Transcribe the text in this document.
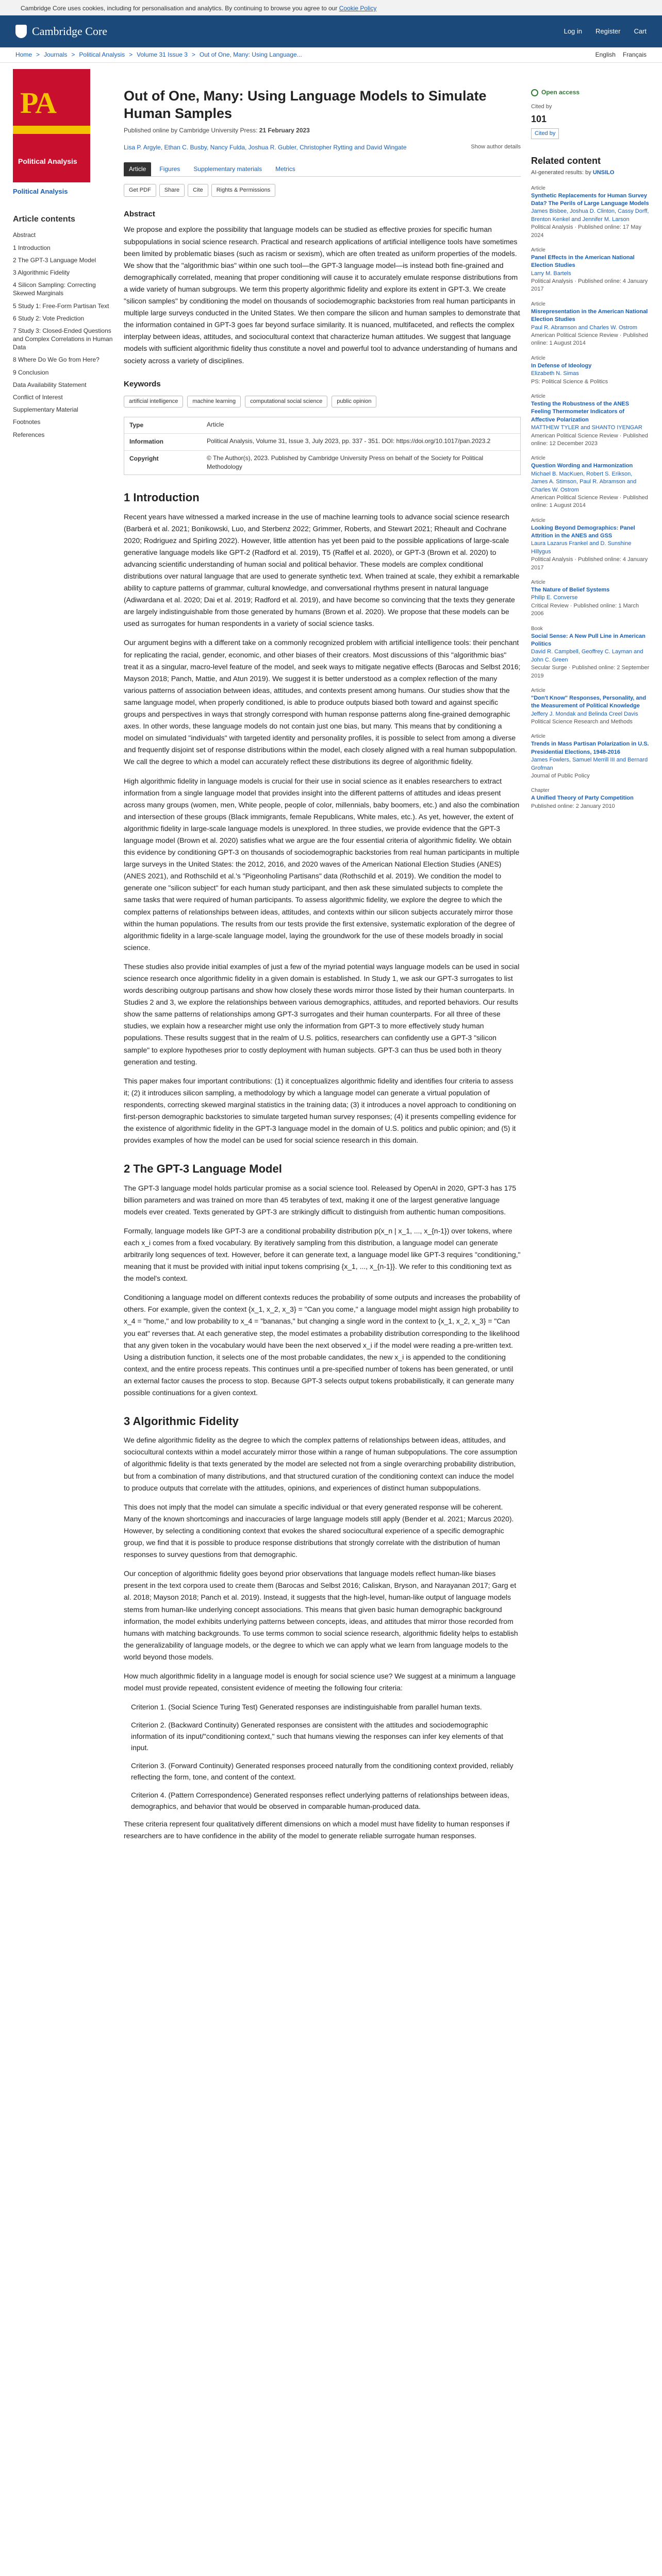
Cambridge Core uses cookies, including for personalisation and analytics. By continuing to browse you agree to our Cookie Policy
Cambridge Core	Log in Register Cart
Home > Journals > Political Analysis > Volume 31 Issue 3 > Out of One, Many: Using Language...	English Français
PA
Political Analysis
Political Analysis
Article contents
Abstract
1 Introduction
2 The GPT-3 Language Model
3 Algorithmic Fidelity
4 Silicon Sampling: Correcting Skewed Marginals
5 Study 1: Free-Form Partisan Text
6 Study 2: Vote Prediction
7 Study 3: Closed-Ended Questions and Complex Correlations in Human Data
8 Where Do We Go from Here?
9 Conclusion
Data Availability Statement
Conflict of Interest
Supplementary Material
Footnotes
References
Out of One, Many: Using Language Models to Simulate Human Samples
Published online by Cambridge University Press: 21 February 2023
Lisa P. Argyle, Ethan C. Busby, Nancy Fulda, Joshua R. Gubler, Christopher Rytting and David Wingate	Show author details
Article	Figures	Supplementary materials	Metrics
Get PDF	Share	Cite	Rights & Permissions
Abstract

We propose and explore the possibility that language models can be studied as effective proxies for specific human subpopulations in social science research. Practical and research applications of artificial intelligence tools have sometimes been limited by problematic biases (such as racism or sexism), which are often treated as uniform properties of the models. We show that the "algorithmic bias" within one such tool—the GPT-3 language model—is instead both fine-grained and demographically correlated, meaning that proper conditioning will cause it to accurately emulate response distributions from a wide variety of human subgroups. We term this property algorithmic fidelity and explore its extent in GPT-3. We create "silicon samples" by conditioning the model on thousands of sociodemographic backstories from real human participants in multiple large surveys conducted in the United States. We then compare the silicon and human samples to demonstrate that the information contained in GPT-3 goes far beyond surface similarity. It is nuanced, multifaceted, and reflects the complex interplay between ideas, attitudes, and sociocultural context that characterize human attitudes. We suggest that language models with sufficient algorithmic fidelity thus constitute a novel and powerful tool to advance understanding of humans and society across a variety of disciplines.

Keywords
artificial intelligence	machine learning	computational social science	public opinion
Type	Article
Information	Political Analysis, Volume 31, Issue 3, July 2023, pp. 337 - 351. DOI: https://doi.org/10.1017/pan.2023.2
Copyright	© The Author(s), 2023. Published by Cambridge University Press on behalf of the Society for Political Methodology
1 Introduction

Recent years have witnessed a marked increase in the use of machine learning tools to advance social science research (Barberá et al. 2021; Bonikowski, Luo, and Sterbenz 2022; Grimmer, Roberts, and Stewart 2021; Rheault and Cochrane 2020; Rodriguez and Spirling 2022). However, little attention has yet been paid to the possible applications of large-scale generative language models like GPT-2 (Radford et al. 2019), T5 (Raffel et al. 2020), or GPT-3 (Brown et al. 2020) to advancing scientific understanding of human social and political behavior. These models are complex conditional distributions over natural language that are used to generate synthetic text. When trained at scale, they exhibit a remarkable ability to capture patterns of grammar, cultural knowledge, and conversational rhythms present in natural language (Adiwardana et al. 2020; Dai et al. 2019; Radford et al. 2019), and have become so convincing that the texts they generate are largely indistinguishable from those generated by humans (Brown et al. 2020). We propose that these models can be used as surrogates for human respondents in a variety of social science tasks.

Our argument begins with a different take on a commonly recognized problem with artificial intelligence tools: their penchant for replicating the racial, gender, economic, and other biases of their creators. Most discussions of this "algorithmic bias" treat it as a singular, macro-level feature of the model, and seek ways to mitigate negative effects (Barocas and Selbst 2016; Mayson 2018; Panch, Mattie, and Atun 2019). We suggest it is better understood as a complex reflection of the many various patterns of association between ideas, attitudes, and contexts present among humans. Our studies show that the same language model, when properly conditioned, is able to produce outputs biased both toward and against specific groups and perspectives in ways that strongly correspond with human response patterns along fine-grained demographic axes. In other words, these language models do not contain just one bias, but many. This means that by conditioning a model on simulated "individuals" with targeted identity and personality profiles, it is possible to select from among a diverse and frequently disjoint set of response distributions within the model, each closely aligned with a real human subpopulation. We call the degree to which a model can accurately reflect these distributions its degree of algorithmic fidelity.

High algorithmic fidelity in language models is crucial for their use in social science as it enables researchers to extract information from a single language model that provides insight into the different patterns of attitudes and ideas present across many groups (women, men, White people, people of color, millennials, baby boomers, etc.) and also the combination and intersection of these groups (Black immigrants, female Republicans, White males, etc.). As yet, however, the extent of algorithmic fidelity in large-scale language models is unexplored. In three studies, we provide evidence that the GPT-3 language model (Brown et al. 2020) satisfies what we argue are the four essential criteria of algorithmic fidelity. We obtain this evidence by conditioning GPT-3 on thousands of sociodemographic backstories from real human participants in multiple large surveys in the United States: the 2012, 2016, and 2020 waves of the American National Election Studies (ANES) (ANES 2021), and Rothschild et al.'s "Pigeonholing Partisans" data (Rothschild et al. 2019). We condition the model to generate one "silicon subject" for each human study participant, and then ask these simulated subjects to complete the same tasks that were required of human participants. To assess algorithmic fidelity, we explore the degree to which the complex patterns of relationships between ideas, attitudes, and contexts within our silicon subjects accurately mirror those within the human populations. The results from our tests provide the first extensive, systematic exploration of the degree of algorithmic fidelity in a large-scale language model, laying the groundwork for the use of these models broadly in social science.

These studies also provide initial examples of just a few of the myriad potential ways language models can be used in social science research once algorithmic fidelity in a given domain is established. In Study 1, we ask our GPT-3 surrogates to list words describing outgroup partisans and show how closely these words mirror those listed by their human counterparts. In Studies 2 and 3, we explore the relationships between various demographics, attitudes, and reported behaviors. Our results show the same patterns of relationships among GPT-3 surrogates and their human counterparts. For all three of these studies, we explain how a researcher might use only the information from GPT-3 to more effectively study human populations. These results suggest that in the realm of U.S. politics, researchers can confidently use a GPT-3 "silicon sample" to explore hypotheses prior to costly deployment with human subjects. GPT-3 can thus be used both in theory generation and testing.

This paper makes four important contributions: (1) it conceptualizes algorithmic fidelity and identifies four criteria to assess it; (2) it introduces silicon sampling, a methodology by which a language model can generate a virtual population of respondents, correcting skewed marginal statistics in the training data; (3) it introduces a novel approach to conditioning on first-person demographic backstories to simulate targeted human survey responses; (4) it presents compelling evidence for the existence of algorithmic fidelity in the GPT-3 language model in the domain of U.S. politics and public opinion; and (5) it provides examples of how the model can be used for social science research in this domain.

2 The GPT-3 Language Model

The GPT-3 language model holds particular promise as a social science tool. Released by OpenAI in 2020, GPT-3 has 175 billion parameters and was trained on more than 45 terabytes of text, making it one of the largest generative language models ever created. Texts generated by GPT-3 are strikingly difficult to distinguish from authentic human compositions.

Formally, language models like GPT-3 are a conditional probability distribution p(x_n | x_1, ..., x_{n-1}) over tokens, where each x_i comes from a fixed vocabulary. By iteratively sampling from this distribution, a language model can generate arbitrarily long sequences of text. However, before it can generate text, a language model like GPT-3 requires "conditioning," meaning that it must be provided with initial input tokens comprising {x_1, ..., x_{n-1}}. We refer to this conditioning text as the model's context.

Conditioning a language model on different contexts reduces the probability of some outputs and increases the probability of others. For example, given the context {x_1, x_2, x_3} = "Can you come," a language model might assign high probability to x_4 = "home," and low probability to x_4 = "bananas," but changing a single word in the context to {x_1, x_2, x_3} = "Can you eat" reverses that. At each generative step, the model estimates a probability distribution corresponding to the likelihood that any given token in the vocabulary would have been the next observed x_i if the model were reading a pre-written text. Using a distribution function, it selects one of the most probable candidates, the new x_i is appended to the conditioning context, and the entire process repeats. This continues until a pre-specified number of tokens has been generated, or until an external factor causes the process to stop. Because GPT-3 selects output tokens probabilistically, it can generate many possible continuations for a given context.

3 Algorithmic Fidelity

We define algorithmic fidelity as the degree to which the complex patterns of relationships between ideas, attitudes, and sociocultural contexts within a model accurately mirror those within a range of human subpopulations. The core assumption of algorithmic fidelity is that texts generated by the model are selected not from a single overarching probability distribution, but from a combination of many distributions, and that structured curation of the conditioning context can induce the model to produce outputs that correlate with the attitudes, opinions, and experiences of distinct human subpopulations.

This does not imply that the model can simulate a specific individual or that every generated response will be coherent. Many of the known shortcomings and inaccuracies of large language models still apply (Bender et al. 2021; Marcus 2020). However, by selecting a conditioning context that evokes the shared sociocultural experience of a specific demographic group, we find that it is possible to produce response distributions that strongly correlate with the distribution of human responses to survey questions from that demographic.

Our conception of algorithmic fidelity goes beyond prior observations that language models reflect human-like biases present in the text corpora used to create them (Barocas and Selbst 2016; Caliskan, Bryson, and Narayanan 2017; Garg et al. 2018; Mayson 2018; Panch et al. 2019). Instead, it suggests that the high-level, human-like output of language models stems from human-like underlying concept associations. This means that given basic human demographic background information, the model exhibits underlying patterns between concepts, ideas, and attitudes that mirror those recorded from humans with matching backgrounds. To use terms common to social science research, algorithmic fidelity helps to establish the generalizability of language models, or the degree to which we can apply what we learn from language models to the world beyond those models.

How much algorithmic fidelity in a language model is enough for social science use? We suggest at a minimum a language model must provide repeated, consistent evidence of meeting the following four criteria:

Criterion 1. (Social Science Turing Test) Generated responses are indistinguishable from parallel human texts.

Criterion 2. (Backward Continuity) Generated responses are consistent with the attitudes and sociodemographic information of its input/"conditioning context," such that humans viewing the responses can infer key elements of that input.

Criterion 3. (Forward Continuity) Generated responses proceed naturally from the conditioning context provided, reliably reflecting the form, tone, and content of the context.

Criterion 4. (Pattern Correspondence) Generated responses reflect underlying patterns of relationships between ideas, demographics, and behavior that would be observed in comparable human-produced data.

These criteria represent four qualitatively different dimensions on which a model must have fidelity to human responses if researchers are to have confidence in the ability of the model to generate reliable surrogate human responses.

Open access
Cited by
101
Cited by
Related content
AI-generated results: by UNSILO
Article
Synthetic Replacements for Human Survey Data? The Perils of Large Language Models
James Bisbee, Joshua D. Clinton, Cassy Dorff, Brenton Kenkel and Jennifer M. Larson
Political Analysis · Published online: 17 May 2024
Article
Panel Effects in the American National Election Studies
Larry M. Bartels
Political Analysis · Published online: 4 January 2017
Article
Misrepresentation in the American National Election Studies
Paul R. Abramson and Charles W. Ostrom
American Political Science Review · Published online: 1 August 2014
Article
In Defense of Ideology
Elizabeth N. Simas
PS: Political Science & Politics
Article
Testing the Robustness of the ANES Feeling Thermometer Indicators of Affective Polarization
MATTHEW TYLER and SHANTO IYENGAR
American Political Science Review · Published online: 12 December 2023
Article
Question Wording and Harmonization
Michael B. MacKuen, Robert S. Erikson, James A. Stimson, Paul R. Abramson and Charles W. Ostrom
American Political Science Review · Published online: 1 August 2014
Article
Looking Beyond Demographics: Panel Attrition in the ANES and GSS
Laura Lazarus Frankel and D. Sunshine Hillygus
Political Analysis · Published online: 4 January 2017
Article
The Nature of Belief Systems
Philip E. Converse
Critical Review · Published online: 1 March 2006
Book
Social Sense: A New Pull Line in American Politics
David R. Campbell, Geoffrey C. Layman and John C. Green
Secular Surge · Published online: 2 September 2019
Article
"Don't Know" Responses, Personality, and the Measurement of Political Knowledge
Jeffery J. Mondak and Belinda Creel Davis
Political Science Research and Methods
Article
Trends in Mass Partisan Polarization in U.S. Presidential Elections, 1948-2016
James Fowlers, Samuel Merrill III and Bernard Grofman
Journal of Public Policy
Chapter
A Unified Theory of Party Competition
Published online: 2 January 2010
